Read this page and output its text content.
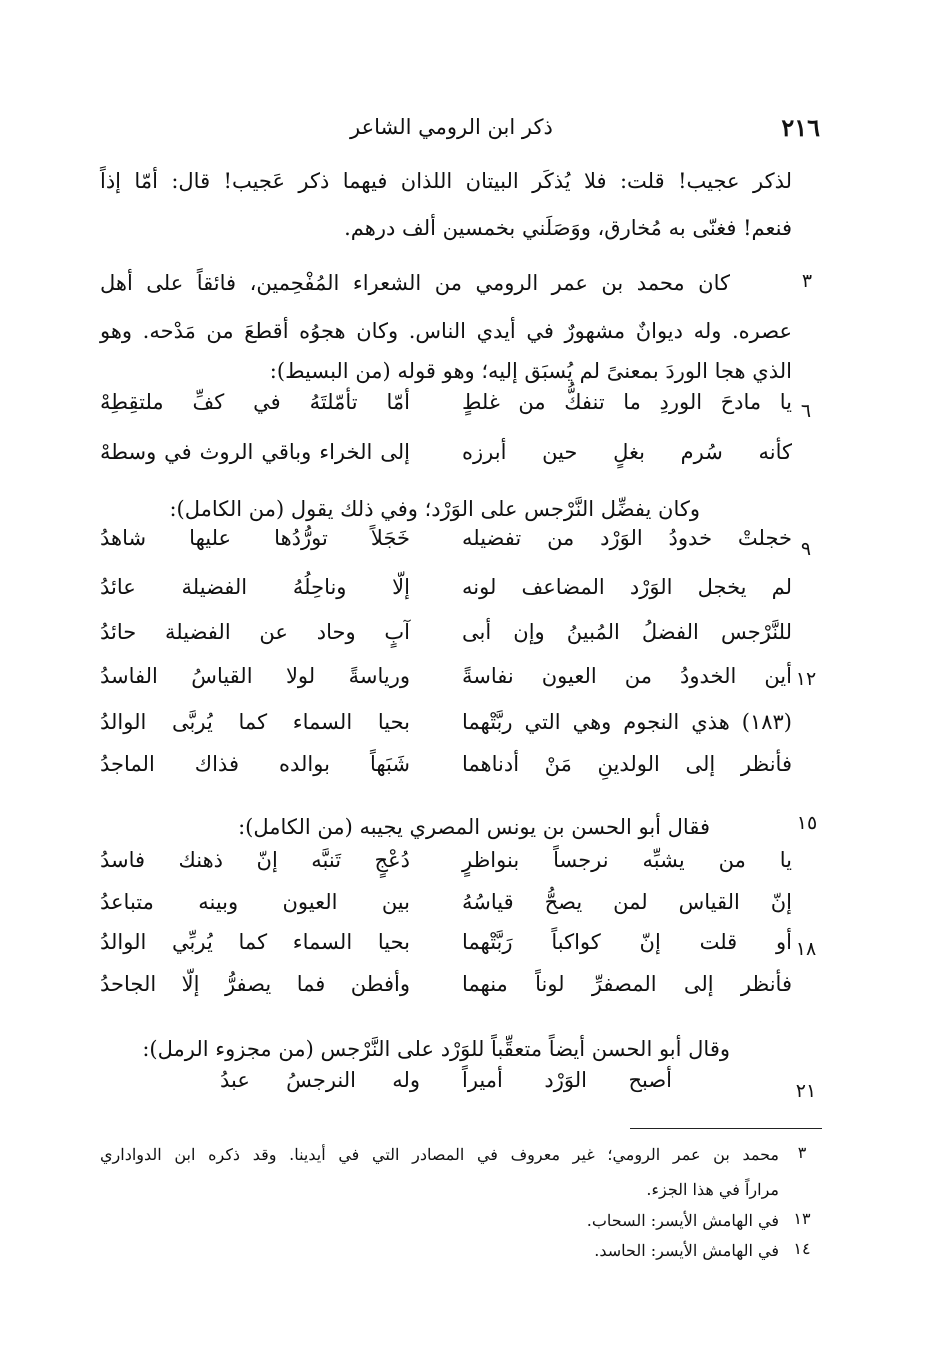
٢١٦
ذكر ابن الرومي الشاعر
لذكر عجيب! قلت: فلا يُذكَر البيتان اللذان فيهما ذكر عَجيب! قال: أمّا إذاً
فنعم! فغنّى به مُخارق، ووَصَلَني بخمسين ألف درهم.
٣
كان محمد بن عمر الرومي من الشعراء المُفْحِمين، فائقاً على أهل
عصره. وله ديوانٌ مشهورٌ في أيدي الناس. وكان هجوُه أقطعَ من مَدْحه. وهو
الذي هجا الوردَ بمعنىً لم يُسبَق إليه؛ وهو قوله (من البسيط):
٦
يا مادحَ الوردِ ما تنفكُّ من غلطٍ
أمّا تأمّلتَهُ في كفِّ ملتقِطِهْ
كأنه سُرم بغلٍ حين أبرزه
إلى الخراء وباقي الروث في وسطهْ
وكان يفضِّل النَّرْجس على الوَرْد؛ وفي ذلك يقول (من الكامل):
٩
خجلتْ خدودُ الوَرْد من تفضيله
خَجَلاً تورُّدُها عليها شاهدُ
لم يخجل الوَرْد المضاعف لونه
إلّا وناحِلُهُ الفضيلة عائدُ
للنَّرْجس الفضلُ المُبينُ وإن أبى
آبٍ وحاد عن الفضيلة حائدُ
١٢
أين الخدودُ من العيون نفاسةً
ورياسةً لولا القياسُ الفاسدُ
(١٨٣) هذي النجوم وهي التي ربَّتْهما
بحيا السماء كما يُربَّى الوالدُ
فأنظر إلى الولدينِ مَنْ أدناهما
شَبَهاً بوالده فذاك الماجدُ
١٥
فقال أبو الحسن بن يونس المصري يجيبه (من الكامل):
يا من يشبِّه نرجساً بنواظرٍ
دُعْجٍ تَنبَّه إنّ ذهنك فاسدُ
إنّ القياس لمن يصحُّ قياسُهُ
بين العيون وبينه متباعدُ
١٨
أو قلت إنّ كواكباً رَبَّتْهما
بحيا السماء كما يُربِّي الوالدُ
فأنظر إلى المصفرِّ لوناً منهما
وأفطن فما يصفرُّ إلّا الجاحدُ
وقال أبو الحسن أيضاً متعقِّباً للوَرْد على النَّرْجس (من مجزوء الرمل):
٢١
أصبح الوَرْد أميراً
وله النرجسُ عبدُ
٣
محمد بن عمر الرومي؛ غير معروف في المصادر التي في أيدينا. وقد ذكره ابن الدواداري
مراراً في هذا الجزء.
١٣
في الهامش الأيسر: السحاب.
١٤
في الهامش الأيسر: الحاسد.
